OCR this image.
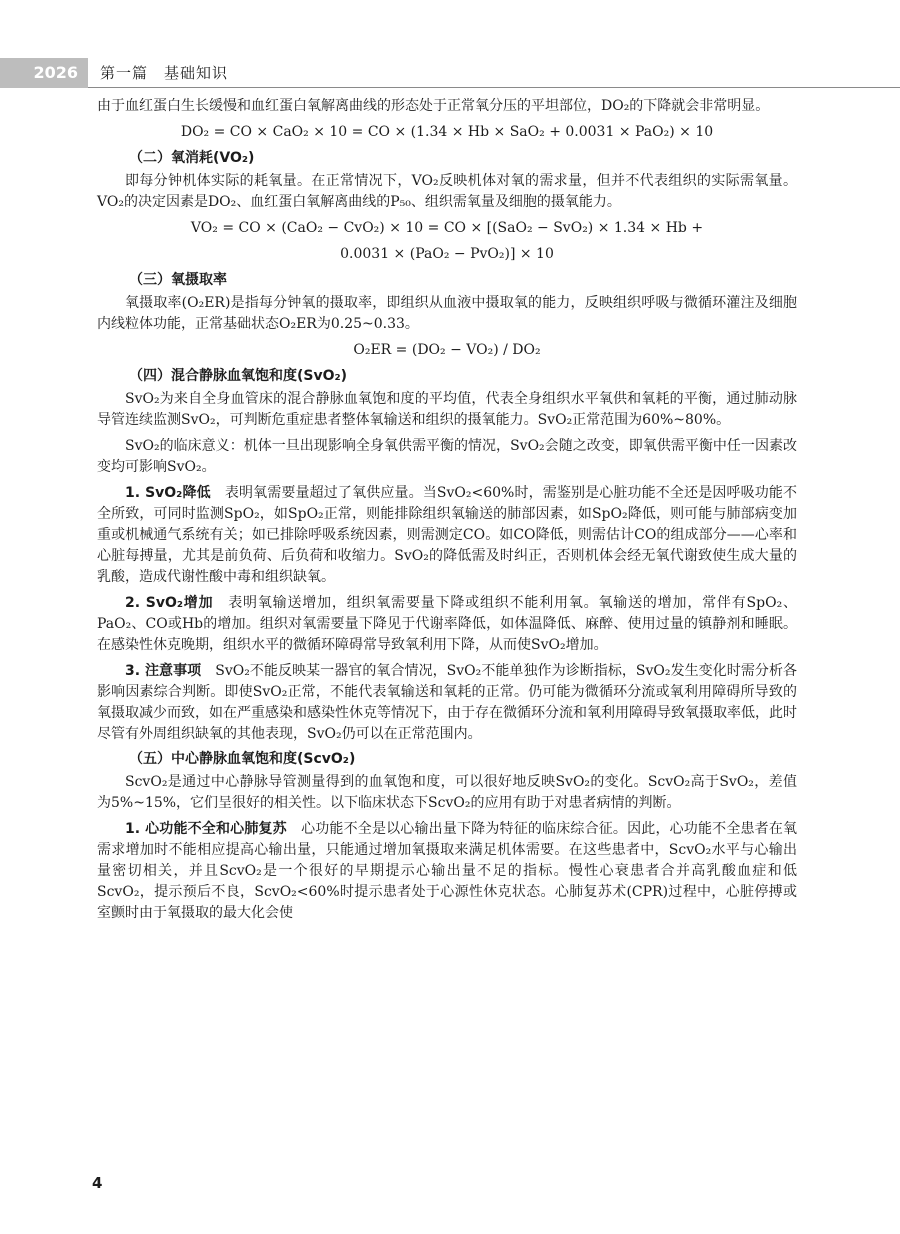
2026	第一篇　基础知识

由于血红蛋白生长缓慢和血红蛋白氧解离曲线的形态处于正常氧分压的平坦部位，DO₂的下降就会非常明显。

DO₂ = CO × CaO₂ × 10 = CO × (1.34 × Hb × SaO₂ + 0.0031 × PaO₂) × 10

（二）氧消耗(VO₂)

即每分钟机体实际的耗氧量。在正常情况下，VO₂反映机体对氧的需求量，但并不代表组织的实际需氧量。VO₂的决定因素是DO₂、血红蛋白氧解离曲线的P₅₀、组织需氧量及细胞的摄氧能力。

VO₂ = CO × (CaO₂ − CvO₂) × 10 = CO × [(SaO₂ − SvO₂) × 1.34 × Hb +

0.0031 × (PaO₂ − PvO₂)] × 10

（三）氧摄取率

氧摄取率(O₂ER)是指每分钟氧的摄取率，即组织从血液中摄取氧的能力，反映组织呼吸与微循环灌注及细胞内线粒体功能，正常基础状态O₂ER为0.25~0.33。

O₂ER = (DO₂ − VO₂) / DO₂

（四）混合静脉血氧饱和度(SvO₂)

SvO₂为来自全身血管床的混合静脉血氧饱和度的平均值，代表全身组织水平氧供和氧耗的平衡，通过肺动脉导管连续监测SvO₂，可判断危重症患者整体氧输送和组织的摄氧能力。SvO₂正常范围为60%~80%。

SvO₂的临床意义：机体一旦出现影响全身氧供需平衡的情况，SvO₂会随之改变，即氧供需平衡中任一因素改变均可影响SvO₂。

1. SvO₂降低　 表明氧需要量超过了氧供应量。当SvO₂<60%时，需鉴别是心脏功能不全还是因呼吸功能不全所致，可同时监测SpO₂，如SpO₂正常，则能排除组织氧输送的肺部因素，如SpO₂降低，则可能与肺部病变加重或机械通气系统有关；如已排除呼吸系统因素，则需测定CO。如CO降低，则需估计CO的组成部分——心率和心脏每搏量，尤其是前负荷、后负荷和收缩力。SvO₂的降低需及时纠正，否则机体会经无氧代谢致使生成大量的乳酸，造成代谢性酸中毒和组织缺氧。

2. SvO₂增加　 表明氧输送增加，组织氧需要量下降或组织不能利用氧。氧输送的增加，常伴有SpO₂、PaO₂、CO或Hb的增加。组织对氧需要量下降见于代谢率降低，如体温降低、麻醉、使用过量的镇静剂和睡眠。在感染性休克晚期，组织水平的微循环障碍常导致氧利用下降，从而使SvO₂增加。

3. 注意事项　 SvO₂不能反映某一器官的氧合情况，SvO₂不能单独作为诊断指标，SvO₂发生变化时需分析各影响因素综合判断。即使SvO₂正常，不能代表氧输送和氧耗的正常。仍可能为微循环分流或氧利用障碍所导致的氧摄取减少而致，如在严重感染和感染性休克等情况下，由于存在微循环分流和氧利用障碍导致氧摄取率低，此时尽管有外周组织缺氧的其他表现，SvO₂仍可以在正常范围内。

（五）中心静脉血氧饱和度(ScvO₂)

ScvO₂是通过中心静脉导管测量得到的血氧饱和度，可以很好地反映SvO₂的变化。ScvO₂高于SvO₂，差值为5%~15%，它们呈很好的相关性。以下临床状态下ScvO₂的应用有助于对患者病情的判断。

1. 心功能不全和心肺复苏　 心功能不全是以心输出量下降为特征的临床综合征。因此，心功能不全患者在氧需求增加时不能相应提高心输出量，只能通过增加氧摄取来满足机体需要。在这些患者中，ScvO₂水平与心输出量密切相关，并且ScvO₂是一个很好的早期提示心输出量不足的指标。慢性心衰患者合并高乳酸血症和低ScvO₂，提示预后不良，ScvO₂<60%时提示患者处于心源性休克状态。心肺复苏术(CPR)过程中，心脏停搏或室颤时由于氧摄取的最大化会使

4
